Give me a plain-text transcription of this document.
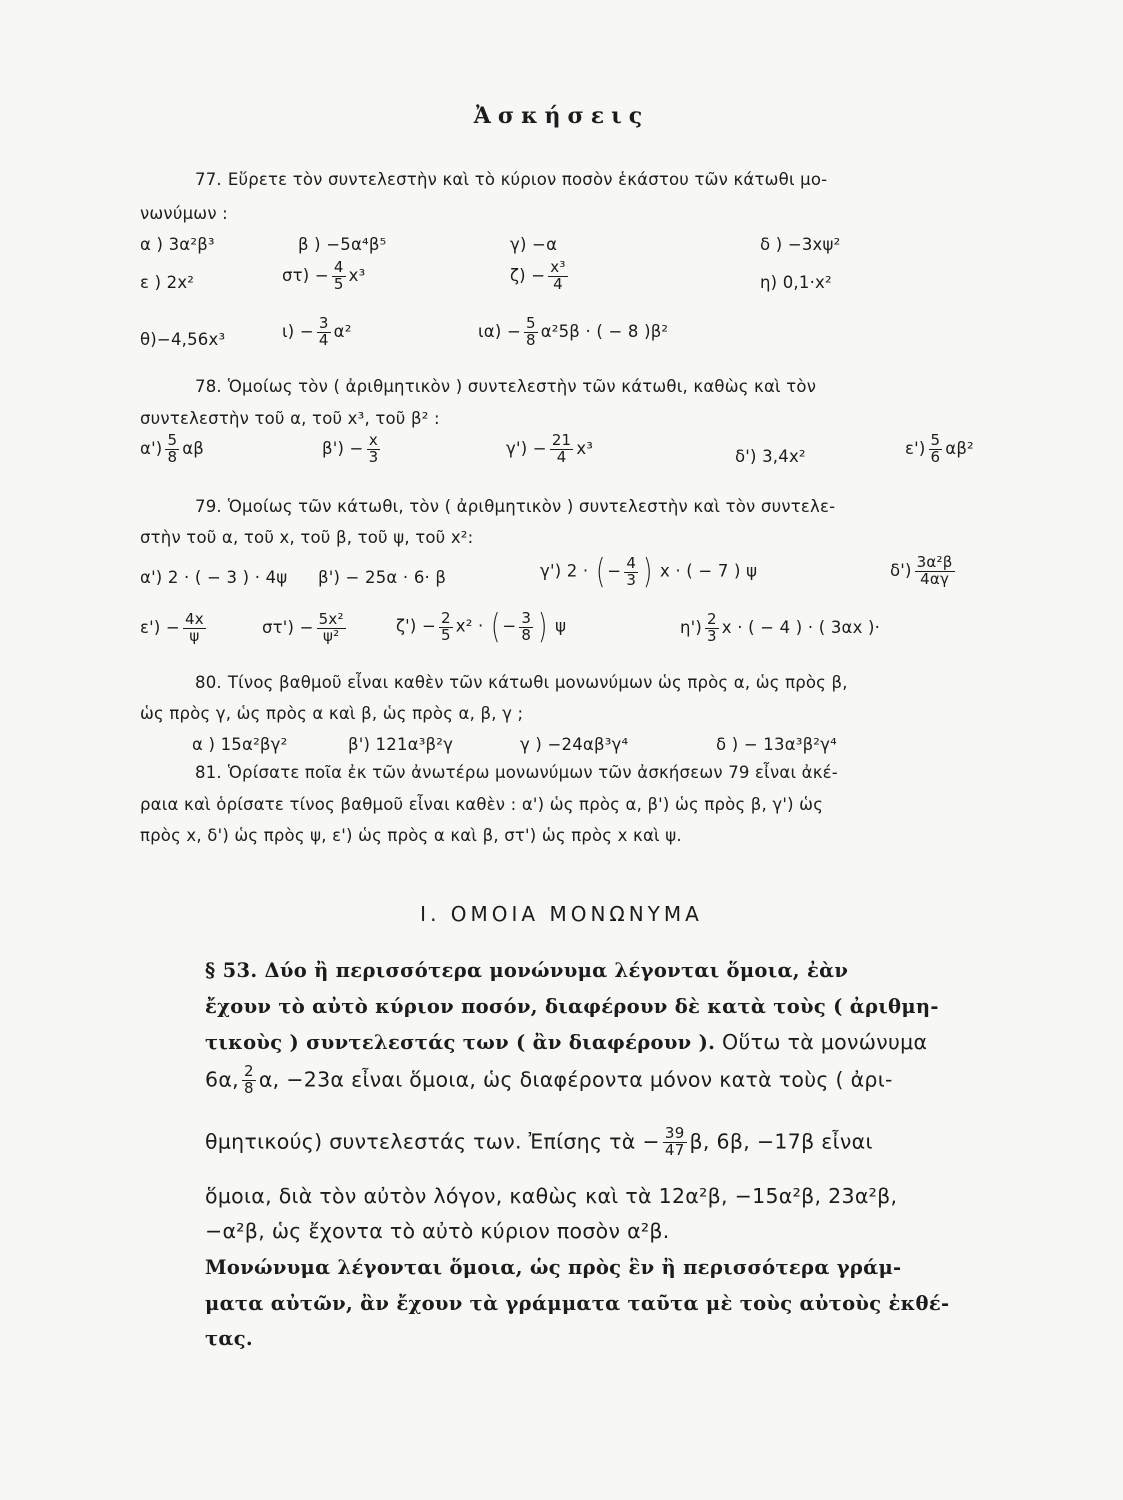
Ἀσκήσεις
77. Εὕρετε τὸν συντελεστὴν καὶ τὸ κύριον ποσὸν ἑκάστου τῶν κάτωθι μο-
νωνύμων :
α ) 3α²β³	β ) −5α⁴β⁵	γ) −α	δ ) −3xψ²
ε ) 2x²	$\sigma\tau) - \frac{4}{5} x^3$	$\zeta) - \frac{\text{x³}}{4}$	η) 0,1·x²
θ)−4,56x³	$\iota) - \frac{3}{4} \alpha^2$	$\iota\alpha) - \frac{5}{8} \alpha^25\beta$ · ( − 8 )β²
78. Ὁμοίως τὸν ( ἀριθμητικὸν ) συντελεστὴν τῶν κάτωθι, καθὼς καὶ τὸν
συντελεστὴν τοῦ α, τοῦ x³, τοῦ β² :
$\alpha') \frac{5}{8}$ αβ	$\beta') - \frac{x}{3}$	$\gamma') - \frac{21}{4} x^3$	δ') 3,4x²	$\varepsilon') \frac{5}{6} \alpha\beta^2$
79. Ὁμοίως τῶν κάτωθι, τὸν ( ἀριθμητικὸν ) συντελεστὴν καὶ τὸν συντελε-
στὴν τοῦ α, τοῦ x, τοῦ β, τοῦ ψ, τοῦ x²:
α') 2 · ( − 3 ) · 4ψ β') − 25α · 6· β	γ') 2 · ( − $\frac{4}{3}$ ) x · ( − 7 ) ψ	$\delta') \frac{\text{3α²β}}{4\alpha\gamma}$
$\varepsilon') - \frac{4x}{\psi}$	$\sigma\tau') - \frac{\text{5x²}}{\text{ψ²}}$	$\zeta') - \frac{2}{5} x^2$ · ( − $\frac{3}{8}$ ) ψ	$\eta') \frac{2}{3}$ x · ( − 4 ) · ( 3αx )·
80. Τίνος βαθμοῦ εἶναι καθὲν τῶν κάτωθι μονωνύμων ὡς πρὸς α, ὡς πρὸς β,
ὡς πρὸς γ, ὡς πρὸς α καὶ β, ὡς πρὸς α, β, γ ;
α ) 15α²βγ²	β') 121α³β²γ	γ ) −24αβ³γ⁴	δ ) − 13α³β²γ⁴
81. Ὁρίσατε ποῖα ἐκ τῶν ἀνωτέρω μονωνύμων τῶν ἀσκήσεων 79 εἶναι ἀκέ-
ραια καὶ ὁρίσατε τίνος βαθμοῦ εἶναι καθὲν : α') ὡς πρὸς α, β') ὡς πρὸς β, γ') ὡς
πρὸς x, δ') ὡς πρὸς ψ, ε') ὡς πρὸς α καὶ β, στ') ὡς πρὸς x καὶ ψ.
Ι. ΟΜΟΙΑ ΜΟΝΩΝΥΜΑ
§ 53. Δύο ἢ περισσότερα μονώνυμα λέγονται ὅμοια, ἐὰν
ἔχουν τὸ αὐτὸ κύριον ποσόν, διαφέρουν δὲ κατὰ τοὺς ( ἀριθμη-
τικοὺς ) συντελεστάς των ( ἂν διαφέρουν ). Οὕτω τὰ μονώνυμα
6α, $\frac{2}{8} \alpha$, −23α εἶναι ὅμοια, ὡς διαφέροντα μόνον κατὰ τοὺς ( ἀρι-
θμητικούς) συντελεστάς των. Ἐπίσης τὰ − $\frac{39}{47} \beta$, 6β, −17β εἶναι
ὅμοια, διὰ τὸν αὐτὸν λόγον, καθὼς καὶ τὰ 12α²β, −15α²β, 23α²β,
−α²β, ὡς ἔχοντα τὸ αὐτὸ κύριον ποσὸν α²β.
Μονώνυμα λέγονται ὅμοια, ὡς πρὸς ἓν ἢ περισσότερα γράμ-
ματα αὐτῶν, ἂν ἔχουν τὰ γράμματα ταῦτα μὲ τοὺς αὐτοὺς ἐκθέ-
τας.
